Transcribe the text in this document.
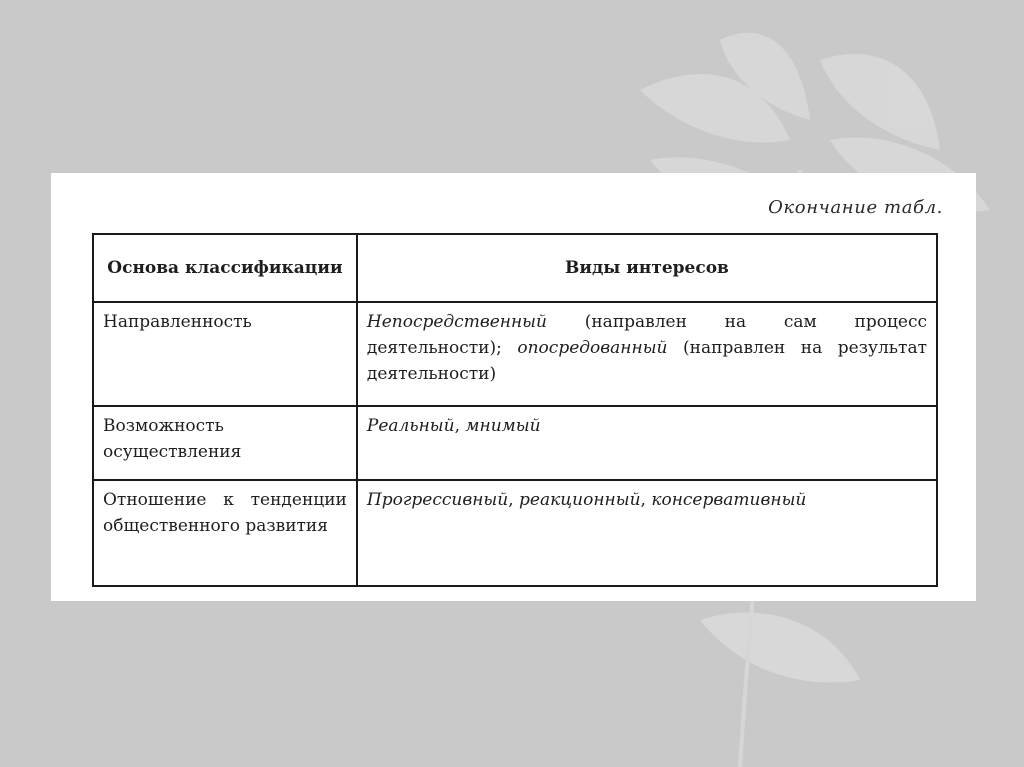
Окончание табл.
Основа классификации	Виды интересов
Направленность	Непосредственный (направлен на сам процесс деятельности); опосредованный (направлен на результат деятельности)
Возможность осуществления	Реальный, мнимый
Отношение к тенденции общественного развития	Прогрессивный, реакционный, консервативный
